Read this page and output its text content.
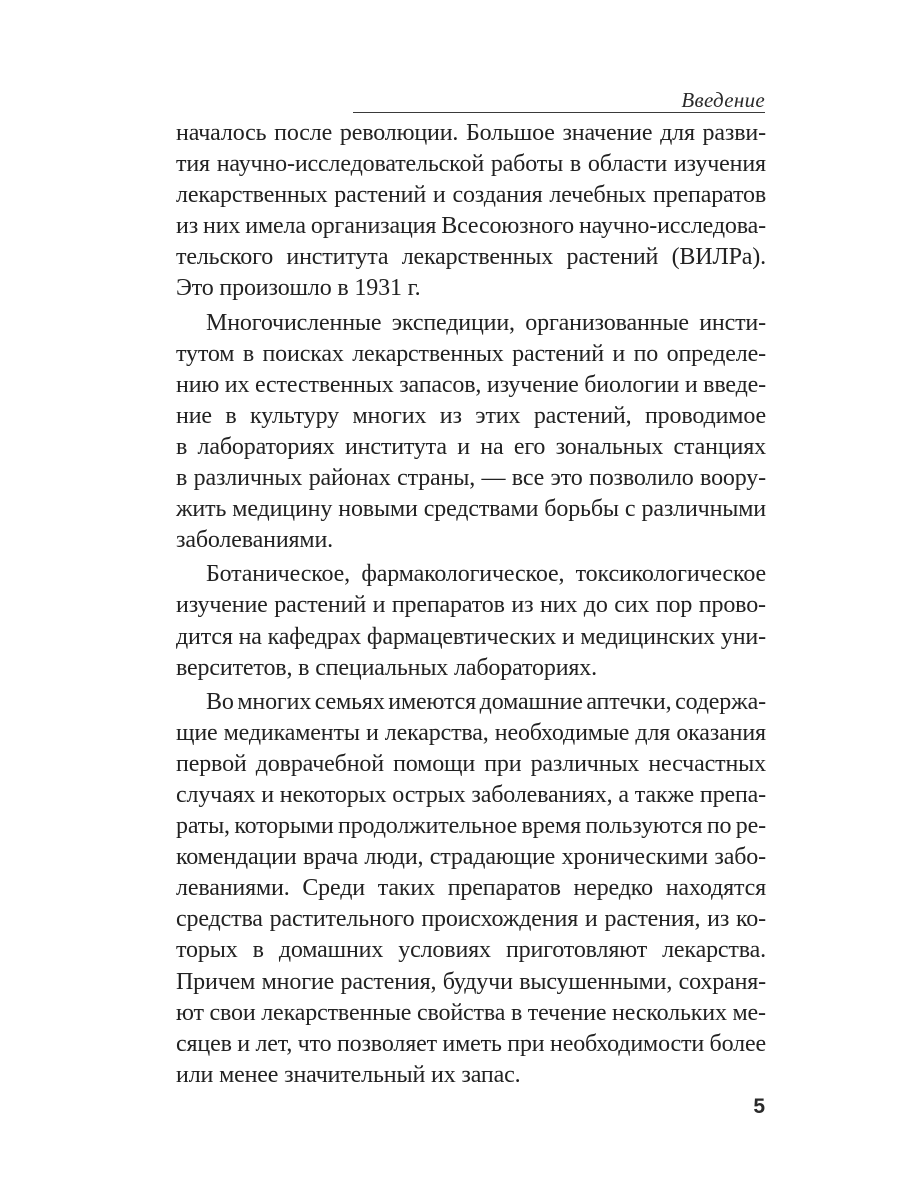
Введение
началось после революции. Большое значение для разви-
тия научно-исследовательской работы в области изучения
лекарственных растений и создания лечебных препаратов
из них имела организация Всесоюзного научно-исследова-
тельского института лекарственных растений (ВИЛРа).
Это произошло в 1931 г.
Многочисленные экспедиции, организованные инсти-
тутом в поисках лекарственных растений и по определе-
нию их естественных запасов, изучение биологии и введе-
ние в культуру многих из этих растений, проводимое
в лабораториях института и на его зональных станциях
в различных районах страны, — все это позволило воору-
жить медицину новыми средствами борьбы с различными
заболеваниями.
Ботаническое, фармакологическое, токсикологическое
изучение растений и препаратов из них до сих пор прово-
дится на кафедрах фармацевтических и медицинских уни-
верситетов, в специальных лабораториях.
Во многих семьях имеются домашние аптечки, содержа-
щие медикаменты и лекарства, необходимые для оказания
первой доврачебной помощи при различных несчастных
случаях и некоторых острых заболеваниях, а также препа-
раты, которыми продолжительное время пользуются по ре-
комендации врача люди, страдающие хроническими забо-
леваниями. Среди таких препаратов нередко находятся
средства растительного происхождения и растения, из ко-
торых в домашних условиях приготовляют лекарства.
Причем многие растения, будучи высушенными, сохраня-
ют свои лекарственные свойства в течение нескольких ме-
сяцев и лет, что позволяет иметь при необходимости более
или менее значительный их запас.
5
